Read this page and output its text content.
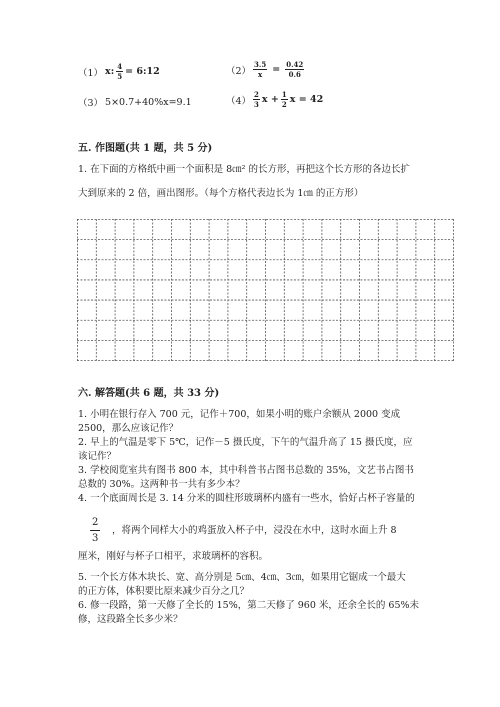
（1） x: $\frac{4}{5}$ = 6:12	$(2) \frac{3.5}{x} = \frac{0.42}{0.6}$
（3） 5×0.7+40%x=9.1	$(4) \frac{2}{3}$ $x + \frac{1}{2}$ x = 42
五. 作图题(共 1 题，共 5 分)
1. 在下面的方格纸中画一个面积是 8㎝² 的长方形，再把这个长方形的各边长扩
大到原来的 2 倍，画出图形。（每个方格代表边长为 1㎝ 的正方形）
六. 解答题(共 6 题，共 33 分)
1. 小明在银行存入 700 元，记作＋700，如果小明的账户余额从 2000 变成
2500，那么应该记作？
2. 早上的气温是零下 5℃，记作－5 摄氏度，下午的气温升高了 15 摄氏度，应
该记作？
3. 学校阅览室共有图书 800 本，其中科普书占图书总数的 35%，文艺书占图书
总数的 30%。这两种书一共有多少本？
4. 一个底面周长是 3. 14 分米的圆柱形玻璃杯内盛有一些水，恰好占杯子容量的
$\frac{2}{3}$ ，将两个同样大小的鸡蛋放入杯子中，浸没在水中，这时水面上升 8
厘米，刚好与杯子口相平，求玻璃杯的容积。
5. 一个长方体木块长、宽、高分别是 5㎝、4㎝、3㎝，如果用它锯成一个最大
的正方体，体积要比原来减少百分之几？
6. 修一段路，第一天修了全长的 15%，第二天修了 960 米，还余全长的 65%未
修，这段路全长多少米？
